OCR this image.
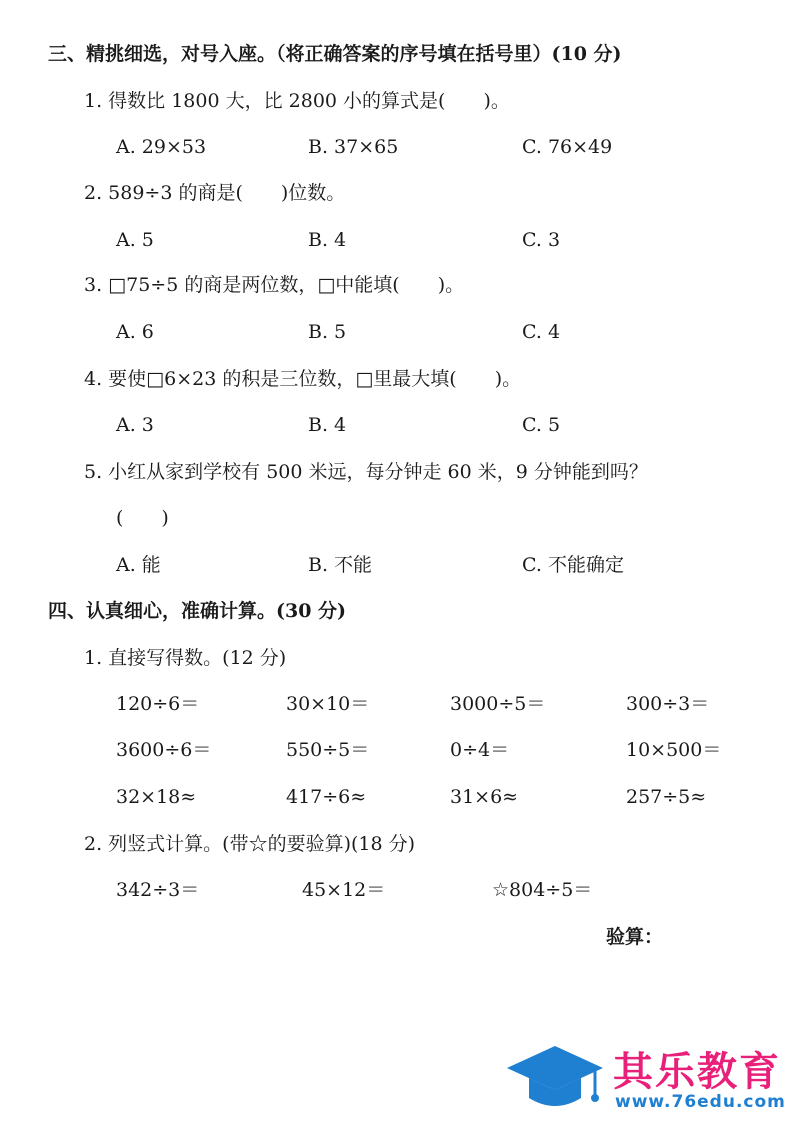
三、精挑细选，对号入座。（将正确答案的序号填在括号里）(10 分)
1. 得数比 1800 大，比 2800 小的算式是(　　)。
A. 29×53	B. 37×65	C. 76×49
2. 589÷3 的商是(　　)位数。
A. 5	B. 4	C. 3
3. □75÷5 的商是两位数，□中能填(　　)。
A. 6	B. 5	C. 4
4. 要使□6×23 的积是三位数，□里最大填(　　)。
A. 3	B. 4	C. 5
5. 小红从家到学校有 500 米远，每分钟走 60 米，9 分钟能到吗？
(　　)
A. 能	B. 不能	C. 不能确定
四、认真细心，准确计算。(30 分)
1. 直接写得数。(12 分)
120÷6＝	30×10＝	3000÷5＝	300÷3＝
3600÷6＝	550÷5＝	0÷4＝	10×500＝
32×18≈	417÷6≈	31×6≈	257÷5≈
2. 列竖式计算。(带☆的要验算)(18 分)
342÷3＝	45×12＝	☆804÷5＝
验算：
其乐教育
www.76edu.com
